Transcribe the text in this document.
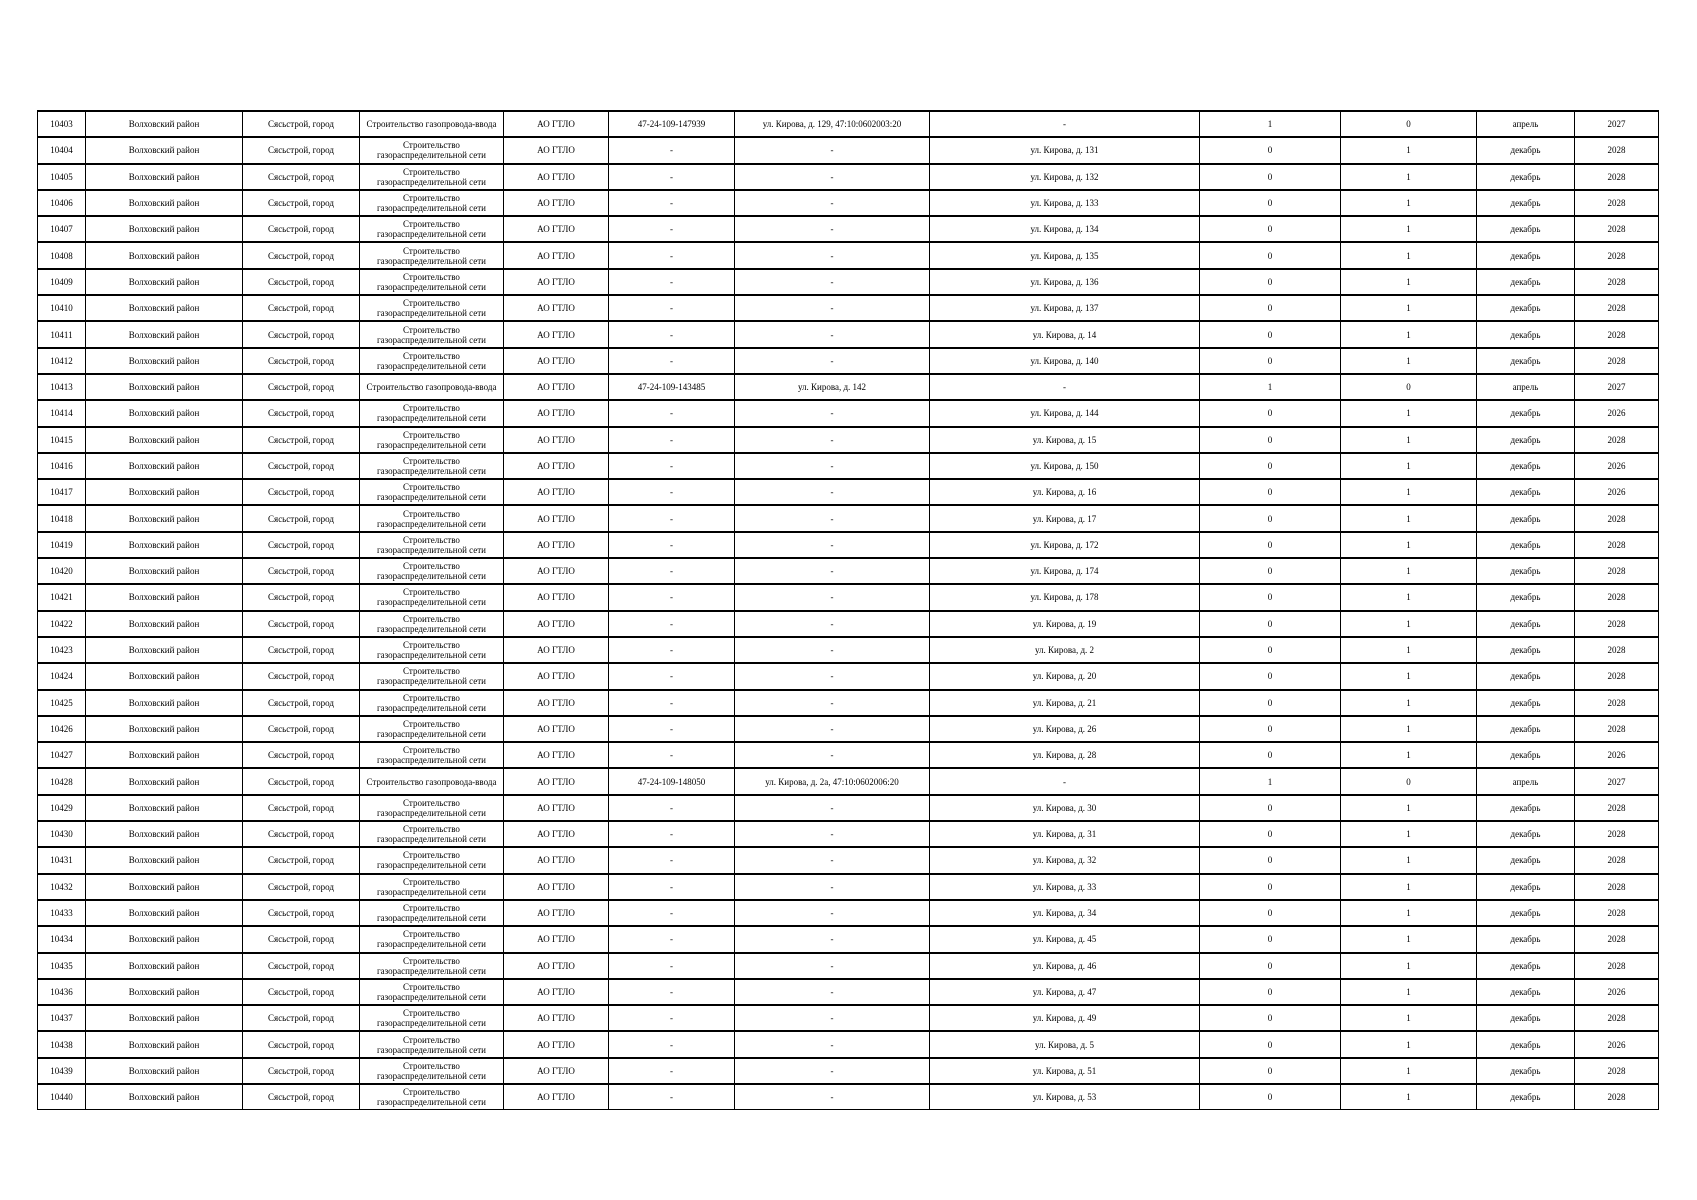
10403	Волховский район	Сясьстрой, город	Строительство газопровода-ввода	АО ГТЛО	47-24-109-147939	ул. Кирова, д. 129, 47:10:0602003:20	-	1	0	апрель	2027
10404	Волховский район	Сясьстрой, город	Строительство газораспределительной сети	АО ГТЛО	-	-	ул. Кирова, д. 131	0	1	декабрь	2028
10405	Волховский район	Сясьстрой, город	Строительство газораспределительной сети	АО ГТЛО	-	-	ул. Кирова, д. 132	0	1	декабрь	2028
10406	Волховский район	Сясьстрой, город	Строительство газораспределительной сети	АО ГТЛО	-	-	ул. Кирова, д. 133	0	1	декабрь	2028
10407	Волховский район	Сясьстрой, город	Строительство газораспределительной сети	АО ГТЛО	-	-	ул. Кирова, д. 134	0	1	декабрь	2028
10408	Волховский район	Сясьстрой, город	Строительство газораспределительной сети	АО ГТЛО	-	-	ул. Кирова, д. 135	0	1	декабрь	2028
10409	Волховский район	Сясьстрой, город	Строительство газораспределительной сети	АО ГТЛО	-	-	ул. Кирова, д. 136	0	1	декабрь	2028
10410	Волховский район	Сясьстрой, город	Строительство газораспределительной сети	АО ГТЛО	-	-	ул. Кирова, д. 137	0	1	декабрь	2028
10411	Волховский район	Сясьстрой, город	Строительство газораспределительной сети	АО ГТЛО	-	-	ул. Кирова, д. 14	0	1	декабрь	2028
10412	Волховский район	Сясьстрой, город	Строительство газораспределительной сети	АО ГТЛО	-	-	ул. Кирова, д. 140	0	1	декабрь	2028
10413	Волховский район	Сясьстрой, город	Строительство газопровода-ввода	АО ГТЛО	47-24-109-143485	ул. Кирова, д. 142	-	1	0	апрель	2027
10414	Волховский район	Сясьстрой, город	Строительство газораспределительной сети	АО ГТЛО	-	-	ул. Кирова, д. 144	0	1	декабрь	2026
10415	Волховский район	Сясьстрой, город	Строительство газораспределительной сети	АО ГТЛО	-	-	ул. Кирова, д. 15	0	1	декабрь	2028
10416	Волховский район	Сясьстрой, город	Строительство газораспределительной сети	АО ГТЛО	-	-	ул. Кирова, д. 150	0	1	декабрь	2026
10417	Волховский район	Сясьстрой, город	Строительство газораспределительной сети	АО ГТЛО	-	-	ул. Кирова, д. 16	0	1	декабрь	2026
10418	Волховский район	Сясьстрой, город	Строительство газораспределительной сети	АО ГТЛО	-	-	ул. Кирова, д. 17	0	1	декабрь	2028
10419	Волховский район	Сясьстрой, город	Строительство газораспределительной сети	АО ГТЛО	-	-	ул. Кирова, д. 172	0	1	декабрь	2028
10420	Волховский район	Сясьстрой, город	Строительство газораспределительной сети	АО ГТЛО	-	-	ул. Кирова, д. 174	0	1	декабрь	2028
10421	Волховский район	Сясьстрой, город	Строительство газораспределительной сети	АО ГТЛО	-	-	ул. Кирова, д. 178	0	1	декабрь	2028
10422	Волховский район	Сясьстрой, город	Строительство газораспределительной сети	АО ГТЛО	-	-	ул. Кирова, д. 19	0	1	декабрь	2028
10423	Волховский район	Сясьстрой, город	Строительство газораспределительной сети	АО ГТЛО	-	-	ул. Кирова, д. 2	0	1	декабрь	2028
10424	Волховский район	Сясьстрой, город	Строительство газораспределительной сети	АО ГТЛО	-	-	ул. Кирова, д. 20	0	1	декабрь	2028
10425	Волховский район	Сясьстрой, город	Строительство газораспределительной сети	АО ГТЛО	-	-	ул. Кирова, д. 21	0	1	декабрь	2028
10426	Волховский район	Сясьстрой, город	Строительство газораспределительной сети	АО ГТЛО	-	-	ул. Кирова, д. 26	0	1	декабрь	2028
10427	Волховский район	Сясьстрой, город	Строительство газораспределительной сети	АО ГТЛО	-	-	ул. Кирова, д. 28	0	1	декабрь	2026
10428	Волховский район	Сясьстрой, город	Строительство газопровода-ввода	АО ГТЛО	47-24-109-148050	ул. Кирова, д. 2а, 47:10:0602006:20	-	1	0	апрель	2027
10429	Волховский район	Сясьстрой, город	Строительство газораспределительной сети	АО ГТЛО	-	-	ул. Кирова, д. 30	0	1	декабрь	2028
10430	Волховский район	Сясьстрой, город	Строительство газораспределительной сети	АО ГТЛО	-	-	ул. Кирова, д. 31	0	1	декабрь	2028
10431	Волховский район	Сясьстрой, город	Строительство газораспределительной сети	АО ГТЛО	-	-	ул. Кирова, д. 32	0	1	декабрь	2028
10432	Волховский район	Сясьстрой, город	Строительство газораспределительной сети	АО ГТЛО	-	-	ул. Кирова, д. 33	0	1	декабрь	2028
10433	Волховский район	Сясьстрой, город	Строительство газораспределительной сети	АО ГТЛО	-	-	ул. Кирова, д. 34	0	1	декабрь	2028
10434	Волховский район	Сясьстрой, город	Строительство газораспределительной сети	АО ГТЛО	-	-	ул. Кирова, д. 45	0	1	декабрь	2028
10435	Волховский район	Сясьстрой, город	Строительство газораспределительной сети	АО ГТЛО	-	-	ул. Кирова, д. 46	0	1	декабрь	2028
10436	Волховский район	Сясьстрой, город	Строительство газораспределительной сети	АО ГТЛО	-	-	ул. Кирова, д. 47	0	1	декабрь	2026
10437	Волховский район	Сясьстрой, город	Строительство газораспределительной сети	АО ГТЛО	-	-	ул. Кирова, д. 49	0	1	декабрь	2028
10438	Волховский район	Сясьстрой, город	Строительство газораспределительной сети	АО ГТЛО	-	-	ул. Кирова, д. 5	0	1	декабрь	2026
10439	Волховский район	Сясьстрой, город	Строительство газораспределительной сети	АО ГТЛО	-	-	ул. Кирова, д. 51	0	1	декабрь	2028
10440	Волховский район	Сясьстрой, город	Строительство газораспределительной сети	АО ГТЛО	-	-	ул. Кирова, д. 53	0	1	декабрь	2028
